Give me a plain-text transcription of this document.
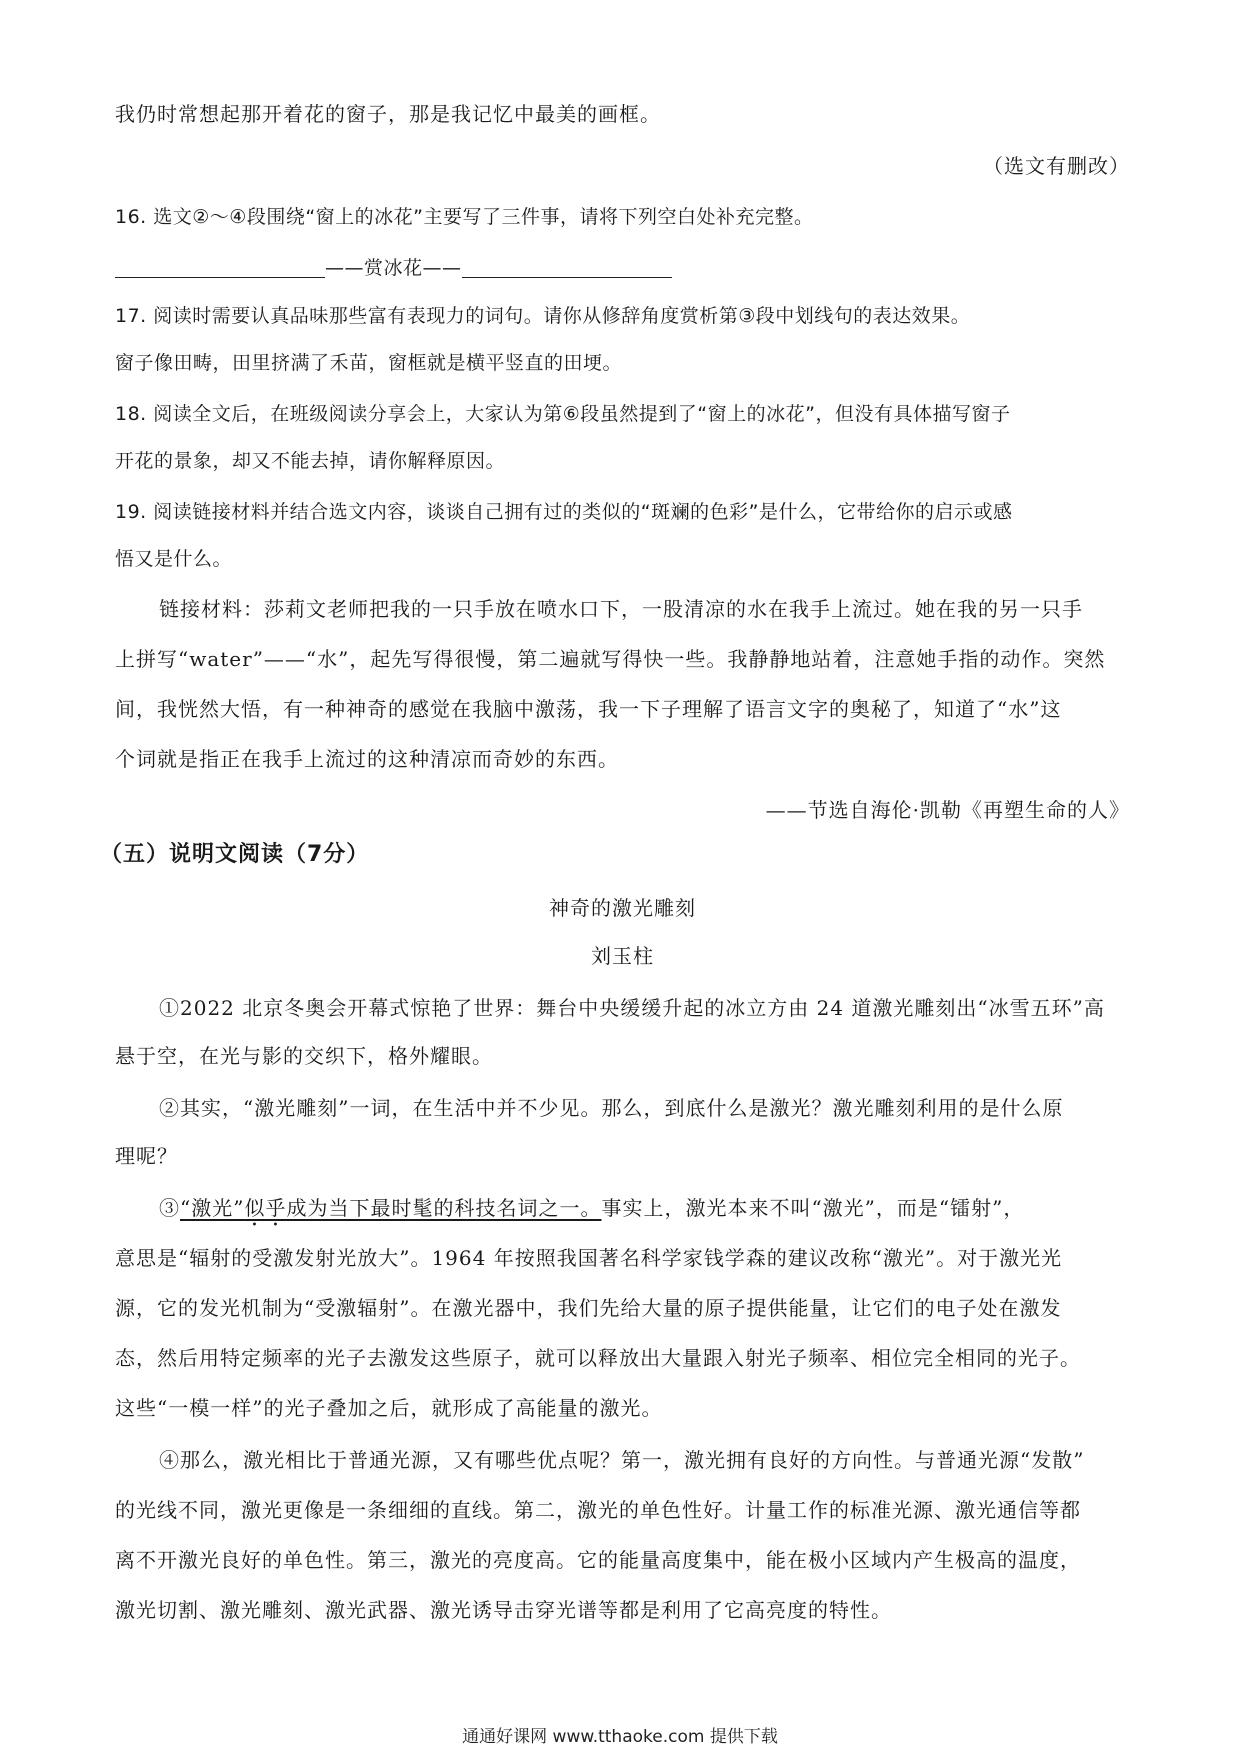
我仍时常想起那开着花的窗子，那是我记忆中最美的画框。
（选文有删改）
16. 选文②～④段围绕“窗上的冰花”主要写了三件事，请将下列空白处补充完整。
——赏冰花——
17. 阅读时需要认真品味那些富有表现力的词句。请你从修辞角度赏析第③段中划线句的表达效果。
窗子像田畴，田里挤满了禾苗，窗框就是横平竖直的田埂。
18. 阅读全文后，在班级阅读分享会上，大家认为第⑥段虽然提到了“窗上的冰花”，但没有具体描写窗子
开花的景象，却又不能去掉，请你解释原因。
19. 阅读链接材料并结合选文内容，谈谈自己拥有过的类似的“斑斓的色彩”是什么，它带给你的启示或感
悟又是什么。
链接材料：莎莉文老师把我的一只手放在喷水口下，一股清凉的水在我手上流过。她在我的另一只手
上拼写“water”——“水”，起先写得很慢，第二遍就写得快一些。我静静地站着，注意她手指的动作。突然
间，我恍然大悟，有一种神奇的感觉在我脑中激荡，我一下子理解了语言文字的奥秘了，知道了“水”这
个词就是指正在我手上流过的这种清凉而奇妙的东西。
——节选自海伦·凯勒《再塑生命的人》
（五）说明文阅读（7分）
神奇的激光雕刻
刘玉柱
①2022 北京冬奥会开幕式惊艳了世界：舞台中央缓缓升起的冰立方由 24 道激光雕刻出“冰雪五环”高
悬于空，在光与影的交织下，格外耀眼。
②其实，“激光雕刻”一词，在生活中并不少见。那么，到底什么是激光？激光雕刻利用的是什么原
理呢？
③“激光”似乎成为当下最时髦的科技名词之一。事实上，激光本来不叫“激光”，而是“镭射”，
意思是“辐射的受激发射光放大”。1964 年按照我国著名科学家钱学森的建议改称“激光”。对于激光光
源，它的发光机制为“受激辐射”。在激光器中，我们先给大量的原子提供能量，让它们的电子处在激发
态，然后用特定频率的光子去激发这些原子，就可以释放出大量跟入射光子频率、相位完全相同的光子。
这些“一模一样”的光子叠加之后，就形成了高能量的激光。
④那么，激光相比于普通光源，又有哪些优点呢？第一，激光拥有良好的方向性。与普通光源“发散”
的光线不同，激光更像是一条细细的直线。第二，激光的单色性好。计量工作的标准光源、激光通信等都
离不开激光良好的单色性。第三，激光的亮度高。它的能量高度集中，能在极小区域内产生极高的温度，
激光切割、激光雕刻、激光武器、激光诱导击穿光谱等都是利用了它高亮度的特性。
通通好课网 www.tthaoke.com 提供下载
